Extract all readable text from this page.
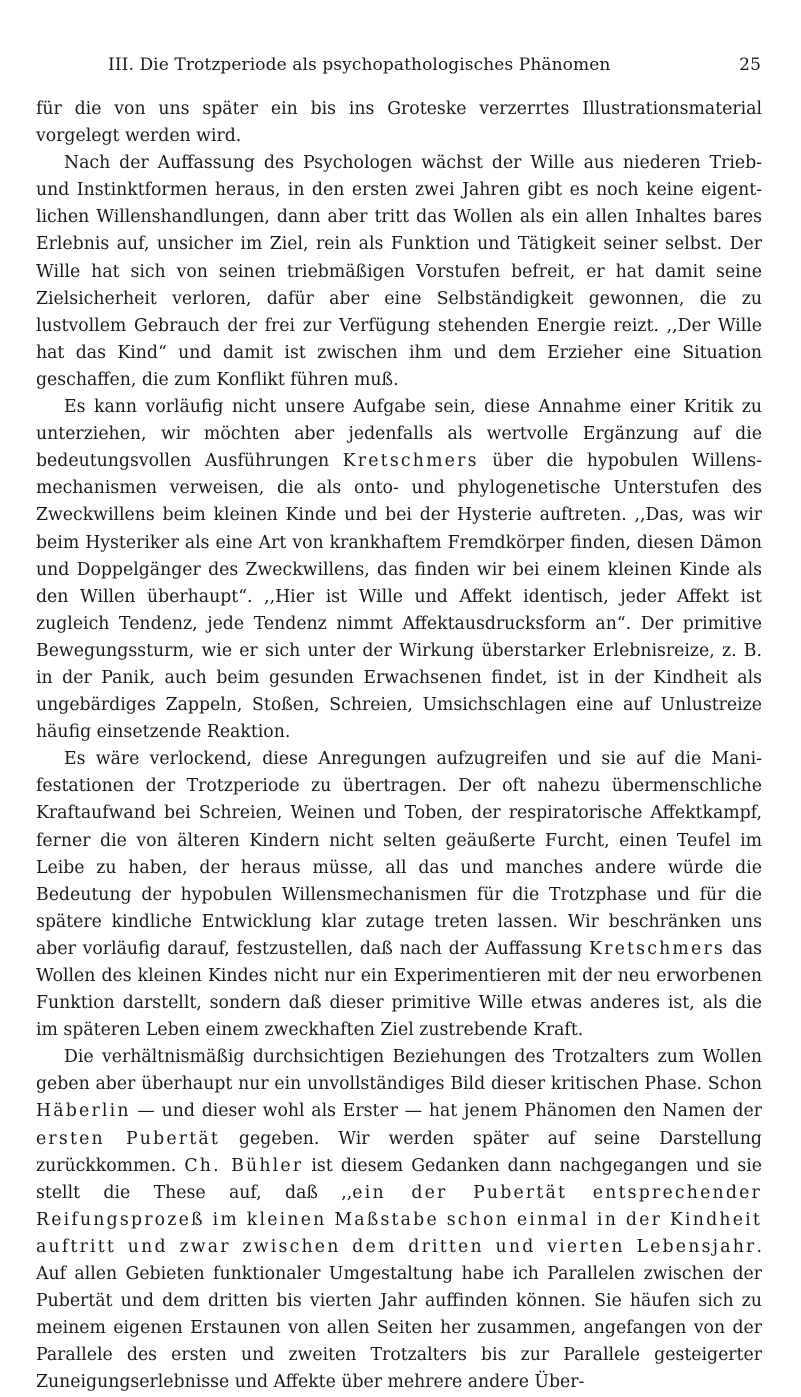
III. Die Trotzperiode als psychopathologisches Phänomen	25

für die von uns später ein bis ins Groteske verzerrtes Illustrationsmaterial vorgelegt werden wird.

Nach der Auffassung des Psychologen wächst der Wille aus niederen Trieb- und Instinktformen heraus, in den ersten zwei Jahren gibt es noch keine eigentlichen Willenshandlungen, dann aber tritt das Wollen als ein allen Inhaltes bares Erlebnis auf, unsicher im Ziel, rein als Funktion und Tätigkeit seiner selbst. Der Wille hat sich von seinen triebmäßigen Vorstufen befreit, er hat damit seine Zielsicherheit verloren, dafür aber eine Selbständigkeit gewonnen, die zu lustvollem Gebrauch der frei zur Verfügung stehenden Energie reizt. ,,Der Wille hat das Kind“ und damit ist zwischen ihm und dem Erzieher eine Situation geschaffen, die zum Konflikt führen muß.

Es kann vorläufig nicht unsere Aufgabe sein, diese Annahme einer Kritik zu unterziehen, wir möchten aber jedenfalls als wertvolle Ergänzung auf die bedeutungsvollen Ausführungen Kretschmers über die hypobulen Willensmechanismen verweisen, die als onto- und phylogenetische Unterstufen des Zweckwillens beim kleinen Kinde und bei der Hysterie auftreten. ,,Das, was wir beim Hysteriker als eine Art von krankhaftem Fremdkörper finden, diesen Dämon und Doppelgänger des Zweckwillens, das finden wir bei einem kleinen Kinde als den Willen überhaupt“. ,,Hier ist Wille und Affekt identisch, jeder Affekt ist zugleich Tendenz, jede Tendenz nimmt Affektausdrucksform an“. Der primitive Bewegungssturm, wie er sich unter der Wirkung überstarker Erlebnisreize, z. B. in der Panik, auch beim gesunden Erwachsenen findet, ist in der Kindheit als ungebärdiges Zappeln, Stoßen, Schreien, Umsichschlagen eine auf Unlustreize häufig einsetzende Reaktion.

Es wäre verlockend, diese Anregungen aufzugreifen und sie auf die Manifestationen der Trotzperiode zu übertragen. Der oft nahezu übermenschliche Kraftaufwand bei Schreien, Weinen und Toben, der respiratorische Affektkampf, ferner die von älteren Kindern nicht selten geäußerte Furcht, einen Teufel im Leibe zu haben, der heraus müsse, all das und manches andere würde die Bedeutung der hypobulen Willensmechanismen für die Trotzphase und für die spätere kindliche Entwicklung klar zutage treten lassen. Wir beschränken uns aber vorläufig darauf, festzustellen, daß nach der Auffassung Kretschmers das Wollen des kleinen Kindes nicht nur ein Experimentieren mit der neu erworbenen Funktion darstellt, sondern daß dieser primitive Wille etwas anderes ist, als die im späteren Leben einem zweckhaften Ziel zustrebende Kraft.

Die verhältnismäßig durchsichtigen Beziehungen des Trotzalters zum Wollen geben aber überhaupt nur ein unvollständiges Bild dieser kritischen Phase. Schon Häberlin — und dieser wohl als Erster — hat jenem Phänomen den Namen der ersten Pubertät gegeben. Wir werden später auf seine Darstellung zurückkommen. Ch. Bühler ist diesem Gedanken dann nachgegangen und sie stellt die These auf, daß ,,ein der Pubertät entsprechender Reifungsprozeß im kleinen Maßstabe schon einmal in der Kindheit auftritt und zwar zwischen dem dritten und vierten Lebensjahr. Auf allen Gebieten funktionaler Umgestaltung habe ich Parallelen zwischen der Pubertät und dem dritten bis vierten Jahr auffinden können. Sie häufen sich zu meinem eigenen Erstaunen von allen Seiten her zusammen, angefangen von der Parallele des ersten und zweiten Trotzalters bis zur Parallele gesteigerter Zuneigungserlebnisse und Affekte über mehrere andere Über-
